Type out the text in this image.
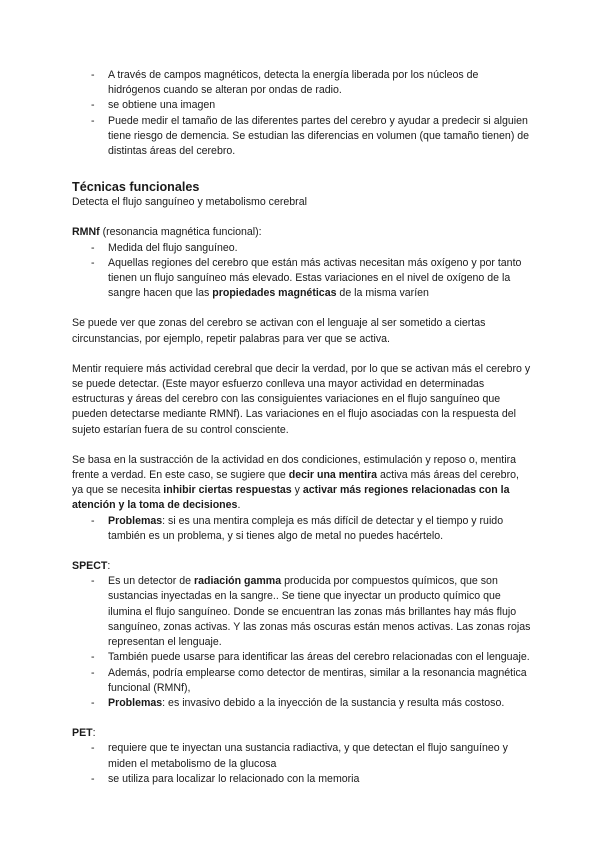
- A través de campos magnéticos, detecta la energía liberada por los núcleos de hidrógenos cuando se alteran por ondas de radio.
- se obtiene una imagen
- Puede medir el tamaño de las diferentes partes del cerebro y ayudar a predecir si alguien tiene riesgo de demencia. Se estudian las diferencias en volumen (que tamaño tienen) de distintas áreas del cerebro.
Técnicas funcionales

Detecta el flujo sanguíneo y metabolismo cerebral

RMNf (resonancia magnética funcional):

- Medida del flujo sanguíneo.
- Aquellas regiones del cerebro que están más activas necesitan más oxígeno y por tanto tienen un flujo sanguíneo más elevado. Estas variaciones en el nivel de oxígeno de la sangre hacen que las propiedades magnéticas de la misma varíen

Se puede ver que zonas del cerebro se activan con el lenguaje al ser sometido a ciertas circunstancias, por ejemplo, repetir palabras para ver que se activa.

Mentir requiere más actividad cerebral que decir la verdad, por lo que se activan más el cerebro y se puede detectar. (Este mayor esfuerzo conlleva una mayor actividad en determinadas estructuras y áreas del cerebro con las consiguientes variaciones en el flujo sanguíneo que pueden detectarse mediante RMNf). Las variaciones en el flujo asociadas con la respuesta del sujeto estarían fuera de su control consciente.

Se basa en la sustracción de la actividad en dos condiciones, estimulación y reposo o, mentira frente a verdad. En este caso, se sugiere que decir una mentira activa más áreas del cerebro, ya que se necesita inhibir ciertas respuestas y activar más regiones relacionadas con la atención y la toma de decisiones.

- Problemas: si es una mentira compleja es más difícil de detectar y el tiempo y ruido también es un problema, y si tienes algo de metal no puedes hacértelo.

SPECT:

- Es un detector de radiación gamma producida por compuestos químicos, que son sustancias inyectadas en la sangre.. Se tiene que inyectar un producto químico que ilumina el flujo sanguíneo. Donde se encuentran las zonas más brillantes hay más flujo sanguíneo, zonas activas. Y las zonas más oscuras están menos activas. Las zonas rojas representan el lenguaje.
- También puede usarse para identificar las áreas del cerebro relacionadas con el lenguaje.
- Además, podría emplearse como detector de mentiras, similar a la resonancia magnética funcional (RMNf),
- Problemas: es invasivo debido a la inyección de la sustancia y resulta más costoso.

PET:

- requiere que te inyectan una sustancia radiactiva, y que detectan el flujo sanguíneo y miden el metabolismo de la glucosa
- se utiliza para localizar lo relacionado con la memoria
